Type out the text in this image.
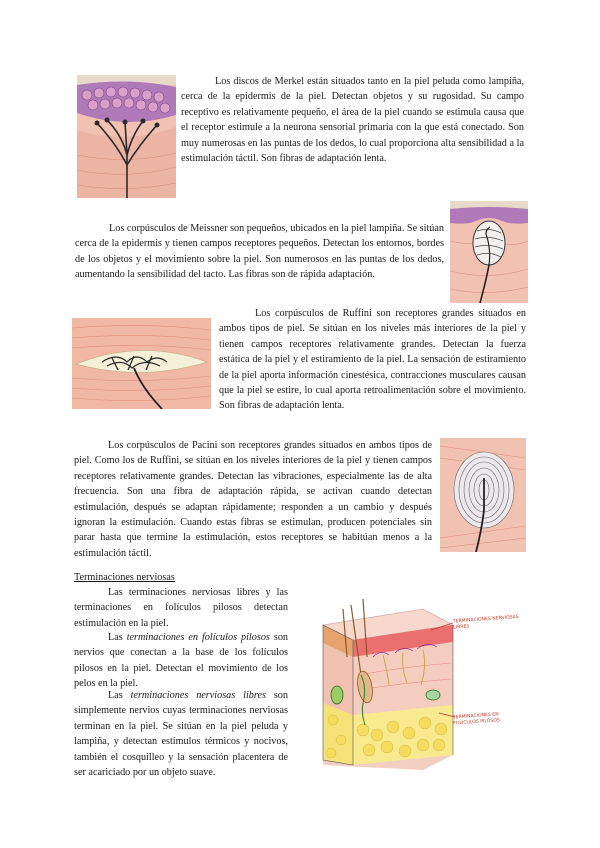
Los discos de Merkel están situados tanto en la piel peluda como lampiña, cerca de la epidermis de la piel. Detectan objetos y su rugosidad. Su campo receptivo es relativamente pequeño, el área de la piel cuando se estimula causa que el receptor estimule a la neurona sensorial primaria con la que está conectado. Son muy numerosas en las puntas de los dedos, lo cual proporciona alta sensibilidad a la estimulación táctil. Son fibras de adaptación lenta.

Los corpúsculos de Meissner son pequeños, ubicados en la piel lampiña. Se sitúan cerca de la epidermis y tienen campos receptores pequeños. Detectan los entornos, bordes de los objetos y el movimiento sobre la piel. Son numerosos en las puntas de los dedos, aumentando la sensibilidad del tacto. Las fibras son de rápida adaptación.

Los corpúsculos de Ruffini son receptores grandes situados en ambos tipos de piel. Se sitúan en los niveles más interiores de la piel y tienen campos receptores relativamente grandes. Detectan la fuerza estática de la piel y el estiramiento de la piel. La sensación de estiramiento de la piel aporta información cinestésica, contracciones musculares causan que la piel se estire, lo cual aporta retroalimentación sobre el movimiento. Son fibras de adaptación lenta.

Los corpúsculos de Pacini son receptores grandes situados en ambos tipos de piel. Como los de Ruffini, se sitúan en los niveles interiores de la piel y tienen campos receptores relativamente grandes. Detectan las vibraciones, especialmente las de alta frecuencia. Son una fibra de adaptación rápida, se activan cuando detectan estimulación, después se adaptan rápidamente; responden a un cambio y después ignoran la estimulación. Cuando estas fibras se estimulan, producen potenciales sin parar hasta que termine la estimulación, estos receptores se habitúan menos a la estimulación táctil.

Terminaciones nerviosas

Las terminaciones nerviosas libres y las terminaciones en folículos pilosos detectan estimulación en la piel.

Las terminaciones en folículos pilosos son nervios que conectan a la base de los folículos pilosos en la piel. Detectan el movimiento de los pelos en la piel.

Las terminaciones nerviosas libres son simplemente nervios cuyas terminaciones nerviosas terminan en la piel. Se sitúan en la piel peluda y lampiña, y detectan estímulos térmicos y nocivos, también el cosquilleo y la sensación placentera de ser acariciado por un objeto suave.

TERMINACIONES NERVIOSAS LIBRES
TERMINACIONES EN FOLÍCULOS PILOSOS
